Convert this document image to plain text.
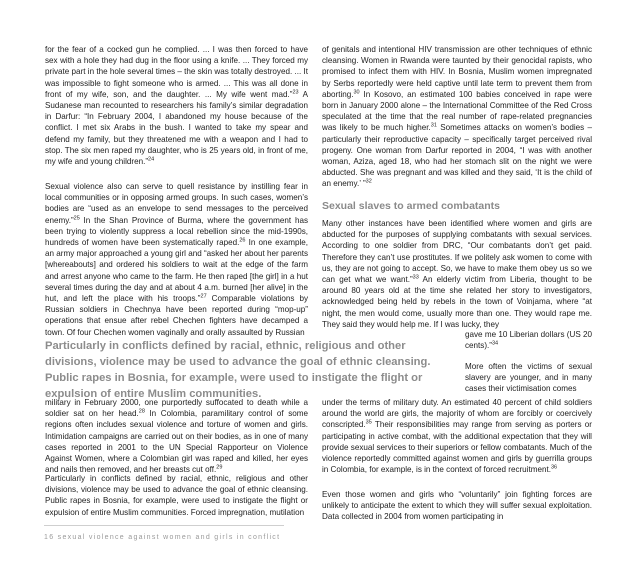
for the fear of a cocked gun he complied. ... I was then forced to have sex with a hole they had dug in the floor using a knife. ... They forced my private part in the hole several times – the skin was totally destroyed. ... It was impossible to fight someone who is armed. ... This was all done in front of my wife, son, and the daughter. ... My wife went mad.”$^{23}$ A Sudanese man recounted to researchers his family’s similar degradation in Darfur: “In February 2004, I abandoned my house because of the conflict. I met six Arabs in the bush. I wanted to take my spear and defend my family, but they threatened me with a weapon and I had to stop. The six men raped my daughter, who is 25 years old, in front of me, my wife and young children.”$^{24}$

Sexual violence also can serve to quell resistance by instilling fear in local communities or in opposing armed groups. In such cases, women’s bodies are “used as an envelope to send messages to the perceived enemy.”$^{25}$ In the Shan Province of Burma, where the government has been trying to violently suppress a local rebellion since the mid-1990s, hundreds of women have been systematically raped.$^{26}$ In one example, an army major approached a young girl and “asked her about her parents [whereabouts] and ordered his soldiers to wait at the edge of the farm and arrest anyone who came to the farm. He then raped [the girl] in a hut several times during the day and at about 4 a.m. burned [her alive] in the hut, and left the place with his troops.”$^{27}$ Comparable violations by Russian soldiers in Chechnya have been reported during “mop-up” operations that ensue after rebel Chechen fighters have decamped a town. Of four Chechen women vaginally and orally assaulted by Russian

military in February 2000, one purportedly suffocated to death while a soldier sat on her head.$^{28}$ In Colombia, paramilitary control of some regions often includes sexual violence and torture of women and girls. Intimidation campaigns are carried out on their bodies, as in one of many cases reported in 2001 to the UN Special Rapporteur on Violence Against Women, where a Colombian girl was raped and killed, her eyes and nails then removed, and her breasts cut off.$^{29}$

Particularly in conflicts defined by racial, ethnic, religious and other divisions, violence may be used to advance the goal of ethnic cleansing. Public rapes in Bosnia, for example, were used to instigate the flight or expulsion of entire Muslim communities. Forced impregnation, mutilation

of genitals and intentional HIV transmission are other techniques of ethnic cleansing. Women in Rwanda were taunted by their genocidal rapists, who promised to infect them with HIV. In Bosnia, Muslim women impregnated by Serbs reportedly were held captive until late term to prevent them from aborting.$^{30}$ In Kosovo, an estimated 100 babies conceived in rape were born in January 2000 alone – the International Committee of the Red Cross speculated at the time that the real number of rape-related pregnancies was likely to be much higher.$^{31}$ Sometimes attacks on women’s bodies – particularly their reproductive capacity – specifically target perceived rival progeny. One woman from Darfur reported in 2004, “I was with another woman, Aziza, aged 18, who had her stomach slit on the night we were abducted. She was pregnant and was killed and they said, ‘It is the child of an enemy.’ ”$^{32}$

Sexual slaves to armed combatants

Many other instances have been identified where women and girls are abducted for the purposes of supplying combatants with sexual services. According to one soldier from DRC, “Our combatants don’t get paid. Therefore they can’t use prostitutes. If we politely ask women to come with us, they are not going to accept. So, we have to make them obey us so we can get what we want.”$^{33}$ An elderly victim from Liberia, thought to be around 80 years old at the time she related her story to investigators, acknowledged being held by rebels in the town of Voinjama, where “at night, the men would come, usually more than one. They would rape me. They said they would help me. If I was lucky, they

gave me 10 Liberian dollars (US 20 cents).”$^{34}$

More often the victims of sexual slavery are younger, and in many cases their victimisation comes

under the terms of military duty. An estimated 40 percent of child soldiers around the world are girls, the majority of whom are forcibly or coercively conscripted.$^{35}$ Their responsibilities may range from serving as porters or participating in active combat, with the additional expectation that they will provide sexual services to their superiors or fellow combatants. Much of the violence reportedly committed against women and girls by guerrilla groups in Colombia, for example, is in the context of forced recruitment.$^{36}$

Even those women and girls who “voluntarily” join fighting forces are unlikely to anticipate the extent to which they will suffer sexual exploitation. Data collected in 2004 from women participating in

Particularly in conflicts defined by racial, ethnic, religious and other divisions, violence may be used to advance the goal of ethnic cleansing. Public rapes in Bosnia, for example, were used to instigate the flight or expulsion of entire Muslim communities.

16 sexual violence against women and girls in conflict
